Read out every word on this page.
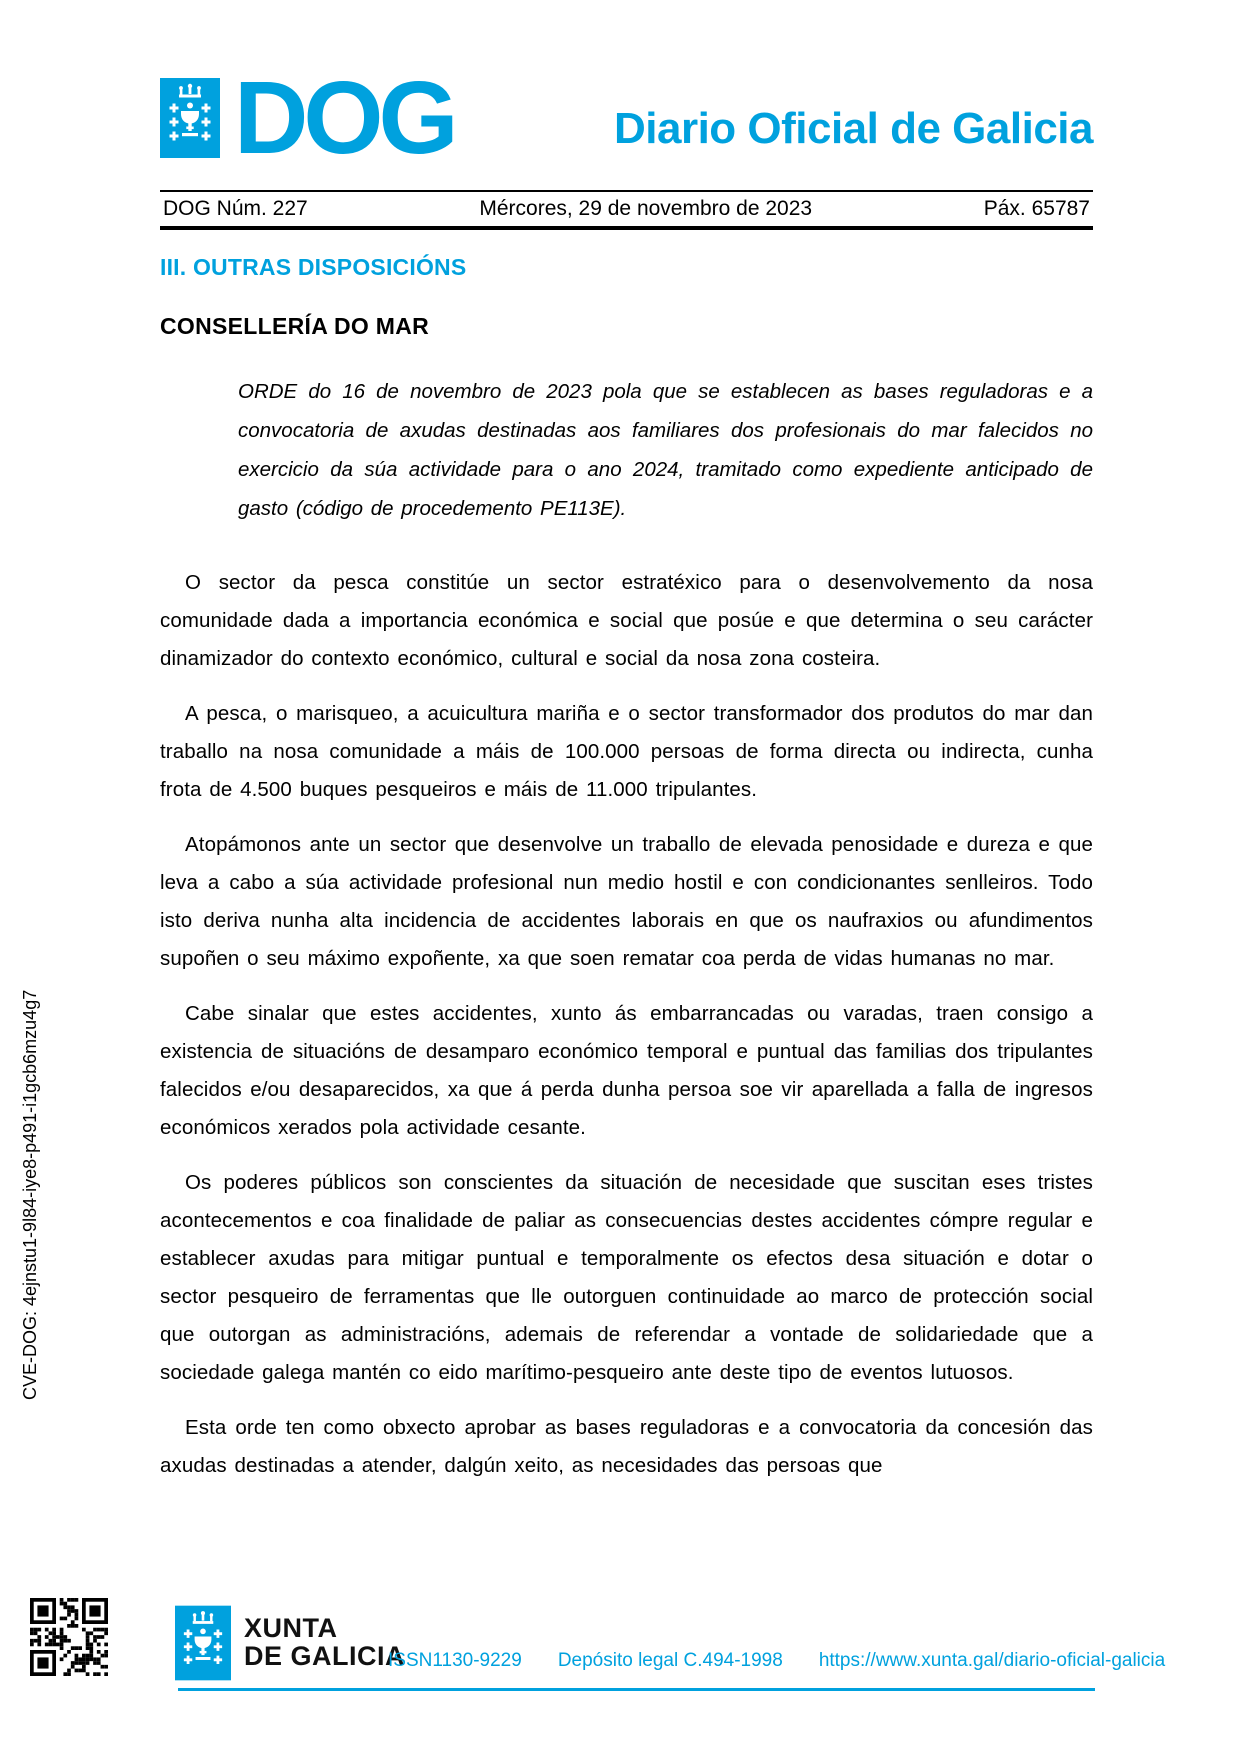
DOG	Diario Oficial de Galicia
DOG Núm. 227	Mércores, 29 de novembro de 2023	Páx. 65787
III. OUTRAS DISPOSICIÓNS
CONSELLERÍA DO MAR
ORDE do 16 de novembro de 2023 pola que se establecen as bases reguladoras e a convocatoria de axudas destinadas aos familiares dos profesionais do mar falecidos no exercicio da súa actividade para o ano 2024, tramitado como expediente anticipado de gasto (código de procedemento PE113E).

O sector da pesca constitúe un sector estratéxico para o desenvolvemento da nosa comunidade dada a importancia económica e social que posúe e que determina o seu carácter dinamizador do contexto económico, cultural e social da nosa zona costeira.

A pesca, o marisqueo, a acuicultura mariña e o sector transformador dos produtos do mar dan traballo na nosa comunidade a máis de 100.000 persoas de forma directa ou indirecta, cunha frota de 4.500 buques pesqueiros e máis de 11.000 tripulantes.

Atopámonos ante un sector que desenvolve un traballo de elevada penosidade e dureza e que leva a cabo a súa actividade profesional nun medio hostil e con condicionantes senlleiros. Todo isto deriva nunha alta incidencia de accidentes laborais en que os naufraxios ou afundimentos supoñen o seu máximo expoñente, xa que soen rematar coa perda de vidas humanas no mar.

Cabe sinalar que estes accidentes, xunto ás embarrancadas ou varadas, traen consigo a existencia de situacións de desamparo económico temporal e puntual das familias dos tripulantes falecidos e/ou desaparecidos, xa que á perda dunha persoa soe vir aparellada a falla de ingresos económicos xerados pola actividade cesante.

Os poderes públicos son conscientes da situación de necesidade que suscitan eses tristes acontecementos e coa finalidade de paliar as consecuencias destes accidentes cómpre regular e establecer axudas para mitigar puntual e temporalmente os efectos desa situación e dotar o sector pesqueiro de ferramentas que lle outorguen continuidade ao marco de protección social que outorgan as administracións, ademais de referendar a vontade de solidariedade que a sociedade galega mantén co eido marítimo-pesqueiro ante deste tipo de eventos lutuosos.

Esta orde ten como obxecto aprobar as bases reguladoras e a convocatoria da concesión das axudas destinadas a atender, dalgún xeito, as necesidades das persoas que

CVE-DOG: 4ejnstu1-9l84-iye8-p491-i1gcb6mzu4g7
XUNTA
DE GALICIA
ISSN1130-9229 Depósito legal C.494-1998 https://www.xunta.gal/diario-oficial-galicia
